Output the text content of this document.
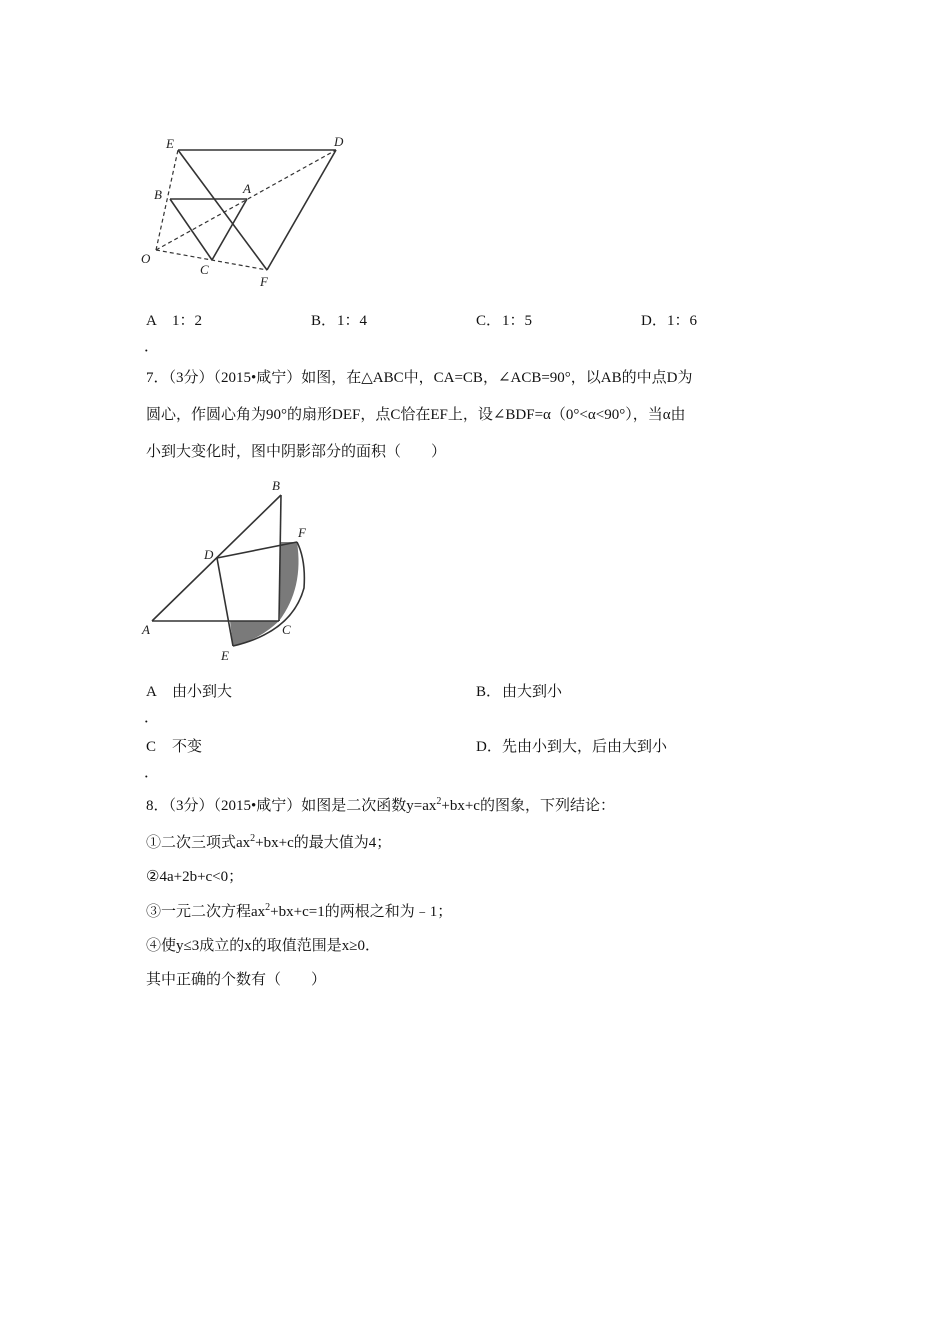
E	D
B	A
O
C
F
A 1：2	B．1：4	C．1：5	D．1：6
．
7．（3分）（2015•咸宁）如图，在△ABC中，CA=CB，∠ACB=90°，以AB的中点D为
圆心，作圆心角为90°的扇形DEF，点C恰在EF上，设∠BDF=α（0°<α<90°），当α由
小到大变化时，图中阴影部分的面积（　　）
B
F
D
A	C
E
A 由小到大	B．由大到小
．
C 不变	D．先由小到大，后由大到小
．
8．（3分）（2015•咸宁）如图是二次函数$y=ax^2+bx+c$的图象，下列结论：
①二次三项式$ax^2+bx+c$的最大值为4；
②4a+2b+c<0；
③一元二次方程$ax^2+bx+c=1$的两根之和为﹣1；
④使y≤3成立的x的取值范围是x≥0．
其中正确的个数有（　　）
